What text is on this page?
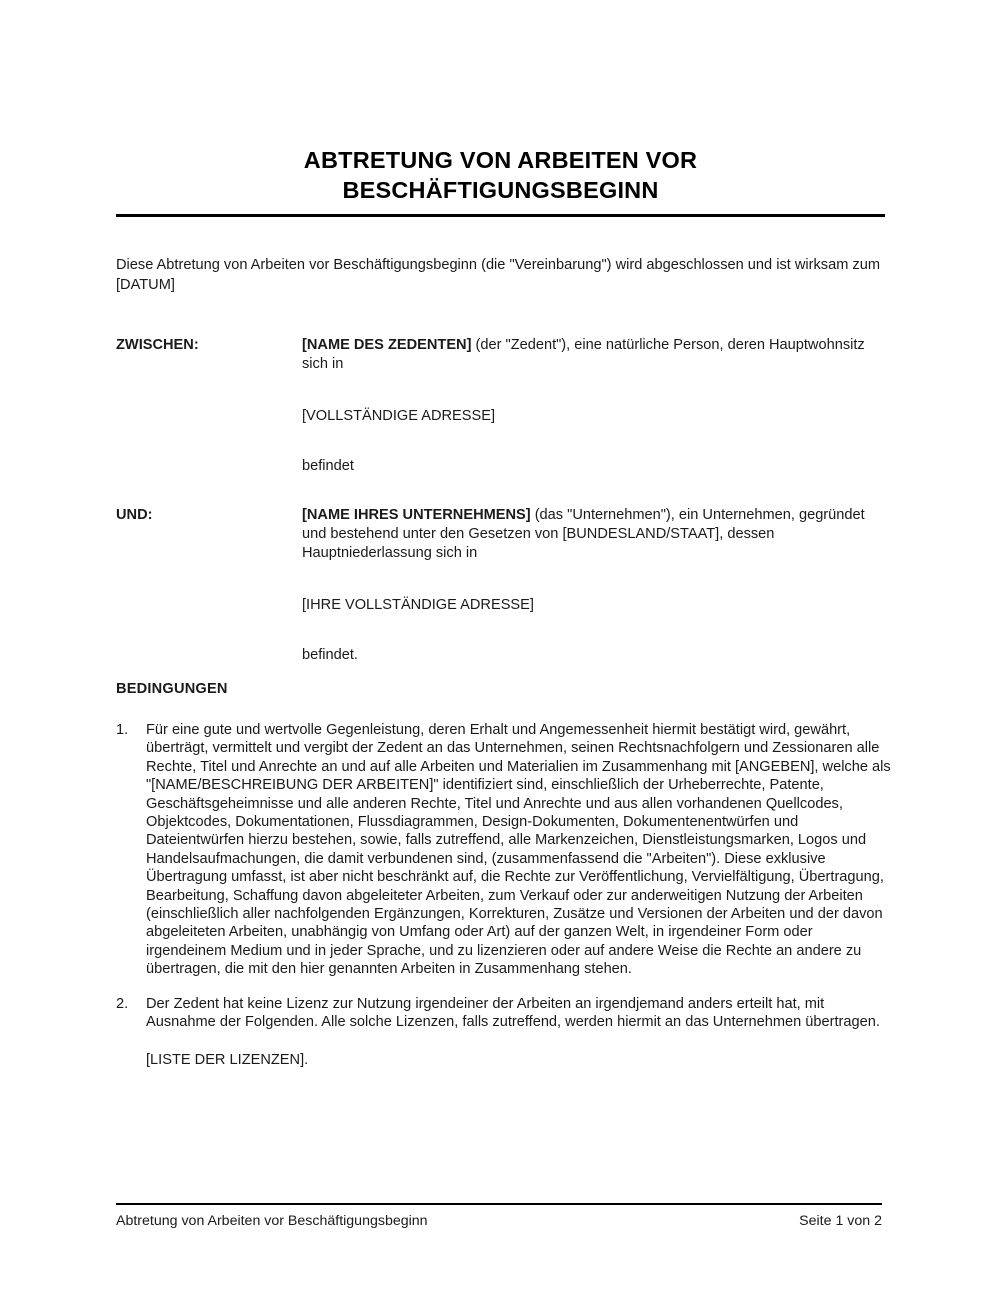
ABTRETUNG VON ARBEITEN VOR
BESCHÄFTIGUNGSBEGINN
Diese Abtretung von Arbeiten vor Beschäftigungsbeginn (die "Vereinbarung") wird abgeschlossen und ist wirksam zum [DATUM]
ZWISCHEN:	[NAME DES ZEDENTEN] (der "Zedent"), eine natürliche Person, deren Hauptwohnsitz sich in

[VOLLSTÄNDIGE ADRESSE]

befindet

UND:	[NAME IHRES UNTERNEHMENS] (das "Unternehmen"), ein Unternehmen, gegründet und bestehend unter den Gesetzen von [BUNDESLAND/STAAT], dessen Hauptniederlassung sich in

[IHRE VOLLSTÄNDIGE ADRESSE]

befindet.

BEDINGUNGEN
1.	Für eine gute und wertvolle Gegenleistung, deren Erhalt und Angemessenheit hiermit bestätigt wird, gewährt, überträgt, vermittelt und vergibt der Zedent an das Unternehmen, seinen Rechtsnachfolgern und Zessionaren alle Rechte, Titel und Anrechte an und auf alle Arbeiten und Materialien im Zusammenhang mit [ANGEBEN], welche als "[NAME/BESCHREIBUNG DER ARBEITEN]" identifiziert sind, einschließlich der Urheberrechte, Patente, Geschäftsgeheimnisse und alle anderen Rechte, Titel und Anrechte und aus allen vorhandenen Quellcodes, Objektcodes, Dokumentationen, Flussdiagrammen, Design-Dokumenten, Dokumentenentwürfen und Dateientwürfen hierzu bestehen, sowie, falls zutreffend, alle Markenzeichen, Dienstleistungsmarken, Logos und Handelsaufmachungen, die damit verbundenen sind, (zusammenfassend die "Arbeiten"). Diese exklusive Übertragung umfasst, ist aber nicht beschränkt auf, die Rechte zur Veröffentlichung, Vervielfältigung, Übertragung, Bearbeitung, Schaffung davon abgeleiteter Arbeiten, zum Verkauf oder zur anderweitigen Nutzung der Arbeiten (einschließlich aller nachfolgenden Ergänzungen, Korrekturen, Zusätze und Versionen der Arbeiten und der davon abgeleiteten Arbeiten, unabhängig von Umfang oder Art) auf der ganzen Welt, in irgendeiner Form oder irgendeinem Medium und in jeder Sprache, und zu lizenzieren oder auf andere Weise die Rechte an andere zu übertragen, die mit den hier genannten Arbeiten in Zusammenhang stehen.
2.	Der Zedent hat keine Lizenz zur Nutzung irgendeiner der Arbeiten an irgendjemand anders erteilt hat, mit Ausnahme der Folgenden. Alle solche Lizenzen, falls zutreffend, werden hiermit an das Unternehmen übertragen.
[LISTE DER LIZENZEN].
Abtretung von Arbeiten vor Beschäftigungsbeginn	Seite 1 von 2
